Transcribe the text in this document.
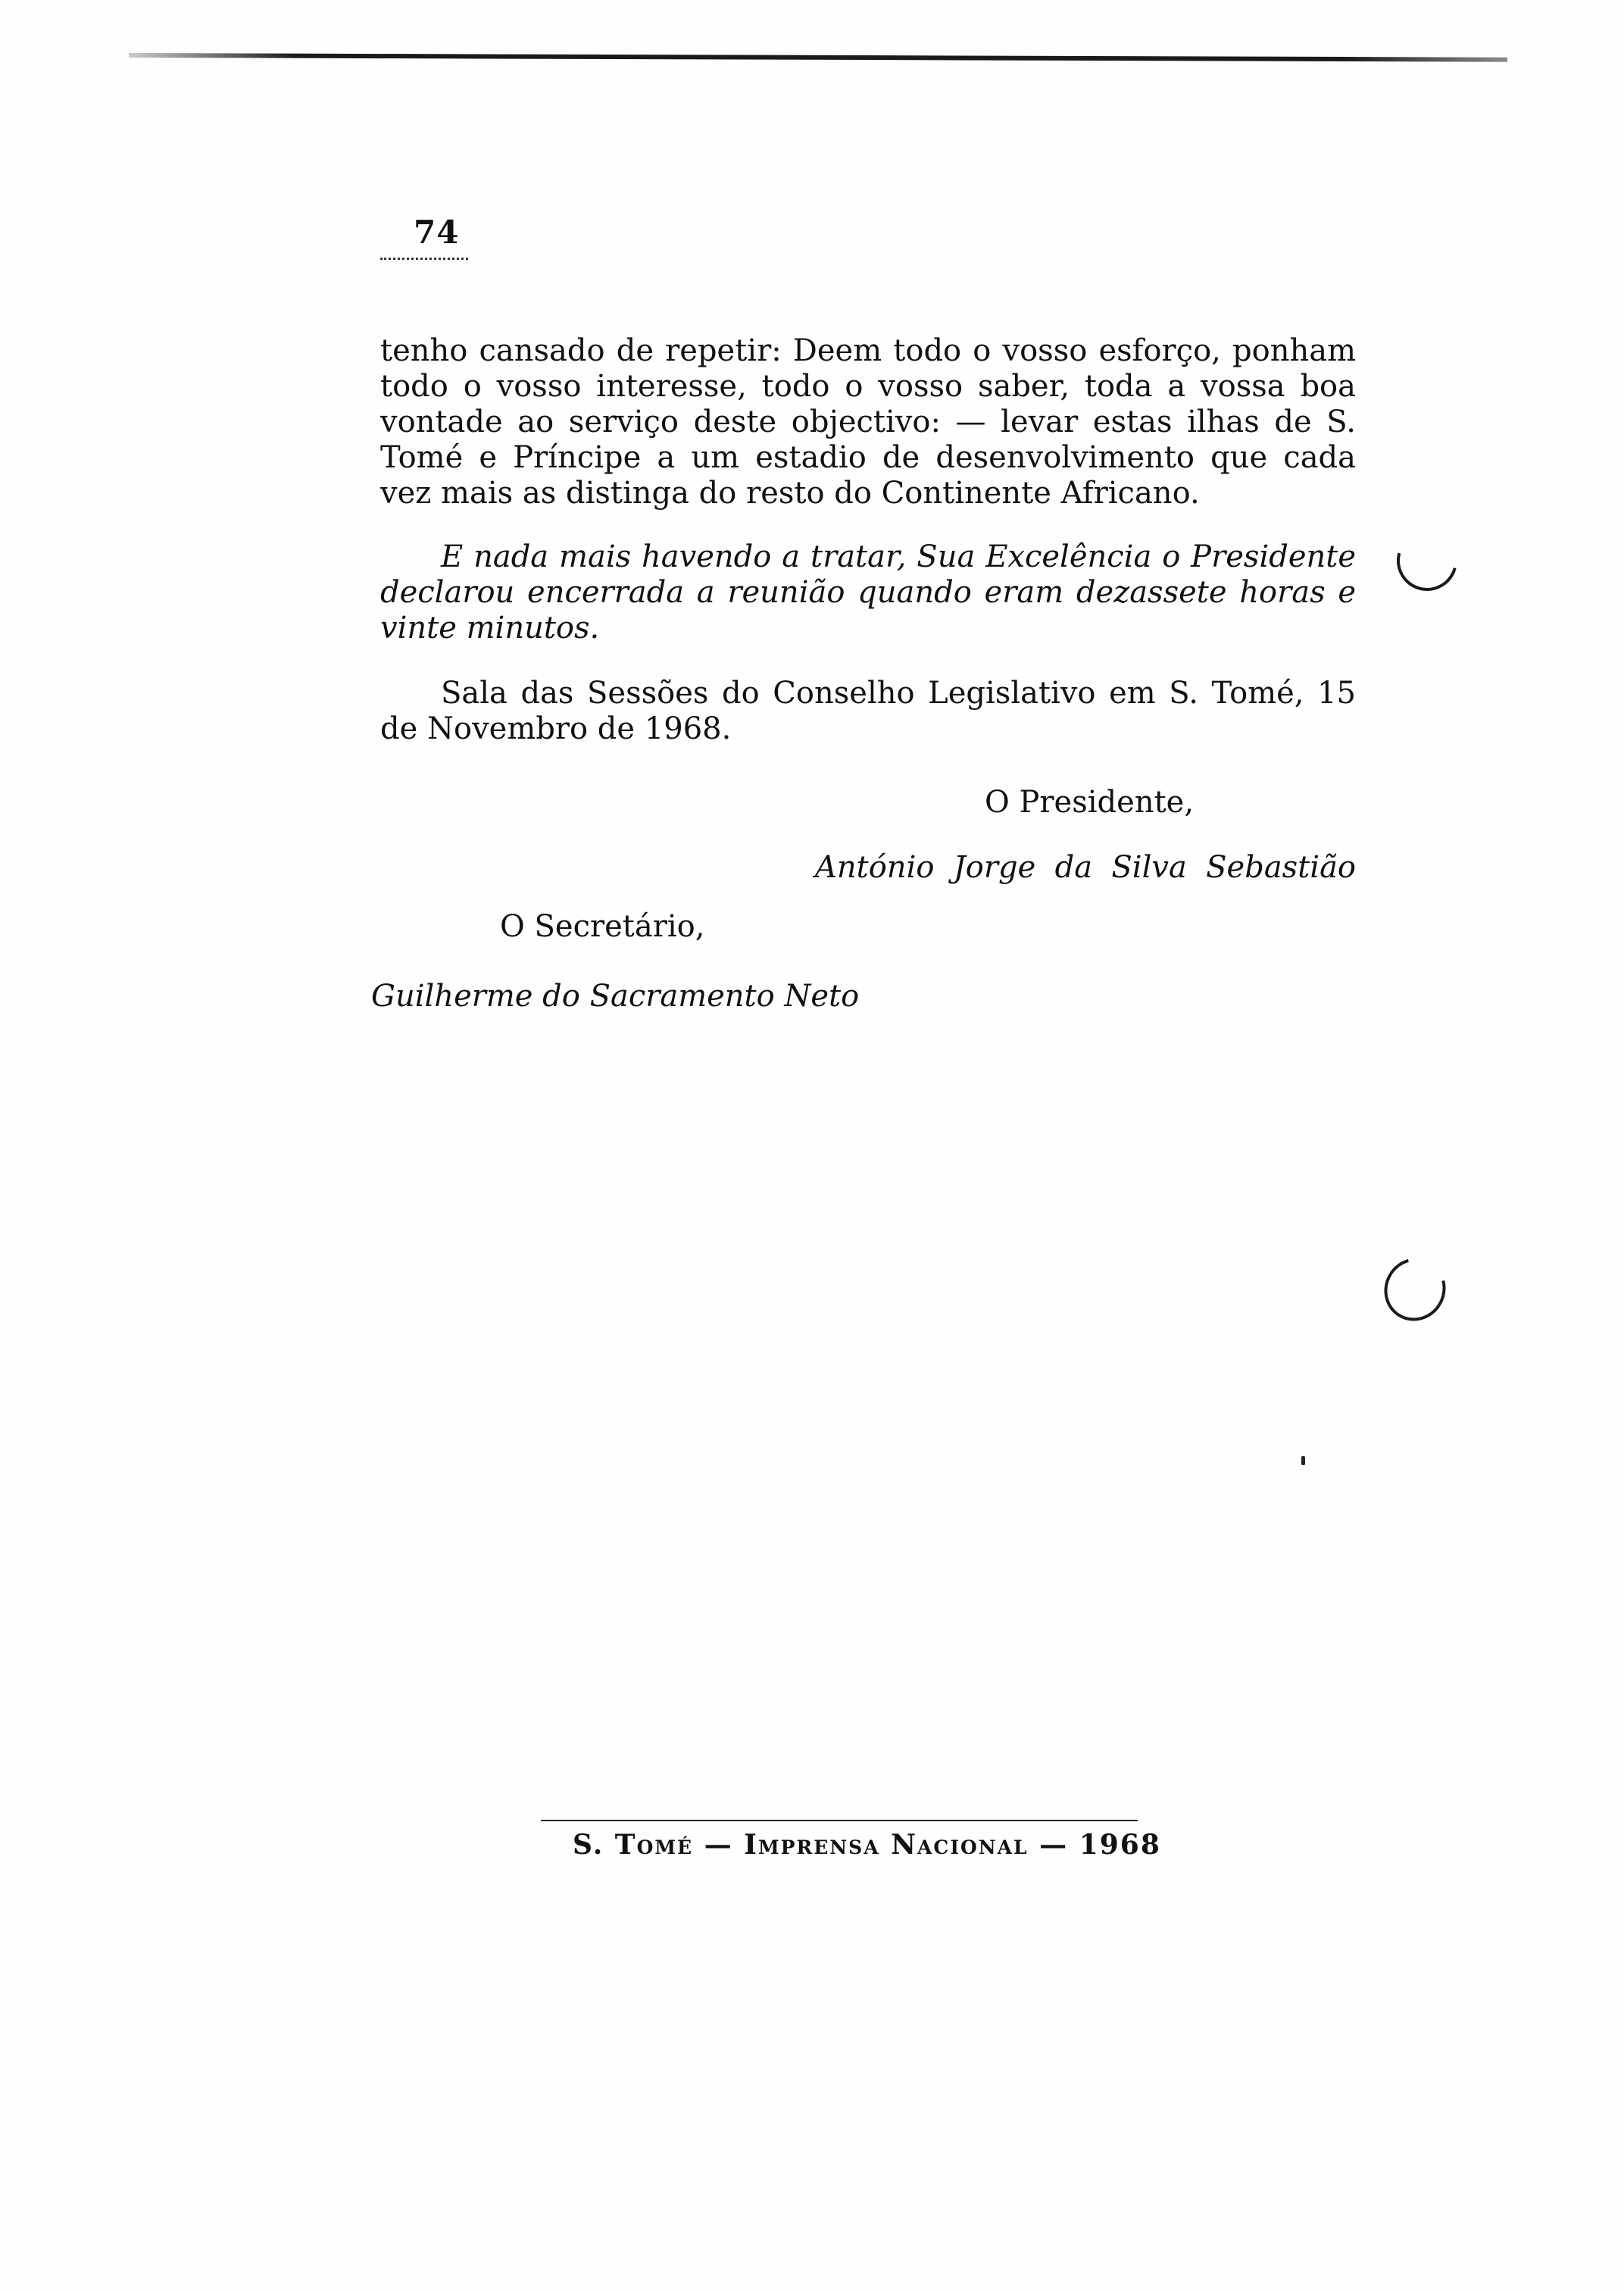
74

tenho cansado de repetir: Deem todo o vosso esforço, ponham todo o vosso interesse, todo o vosso saber, toda a vossa boa vontade ao serviço deste objectivo: — levar estas ilhas de S. Tomé e Príncipe a um estadio de desenvolvimento que cada vez mais as distinga do resto do Continente Africano.

E nada mais havendo a tratar, Sua Excelência o Presidente declarou encerrada a reunião quando eram dezassete horas e vinte minutos.

Sala das Sessões do Conselho Legislativo em S. Tomé, 15 de Novembro de 1968.

O Presidente,
António Jorge da Silva Sebastião
O Secretário,
Guilherme do Sacramento Neto
S. Tomé — Imprensa Nacional — 1968
